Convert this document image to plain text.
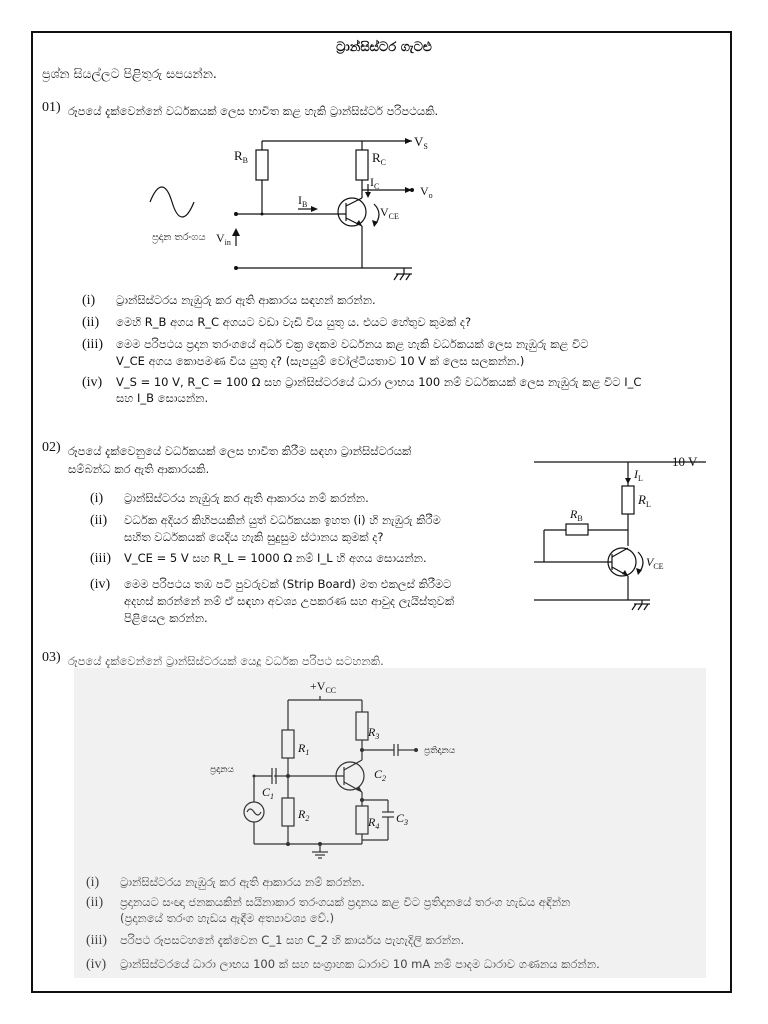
ට්‍රාන්සිස්ටර ගැටළු
ප්‍රශ්න සියල්ලට පිළිතුරු සපයන්න.
01) රූපයේ දැක්වෙන්නේ වර්ධකයක් ලෙස භාවිත කළ හැකි ට්‍රාන්සිස්ටර් පරිපථයකි.
$V_S$
$R_B$	$R_C$
$I_C$	$V_o$
$I_B$
$V_{CE}$
ප්‍රදාන තරංගය $V_{in}$
(i) ට්‍රාන්සිස්ටරය නැඹුරු කර ඇති ආකාරය සඳහන් කරන්න.
(ii) මෙහි R_B අගය R_C අගයට වඩා වැඩි විය යුතු ය. එයට හේතුව කුමක් ද?
(iii) මෙම පරිපථය ප්‍රදාන තරංගයේ අර්ධ චක්‍ර දෙකම වර්ධනය කළ හැකි වර්ධකයක් ලෙස නැඹුරු කළ විට
V_CE අගය කොපමණ විය යුතු ද? (සැපයුම් වෝල්ටීයතාව 10 V ක් ලෙස සලකන්න.)
(iv) V_S = 10 V, R_C = 100 Ω සහ ට්‍රාන්සිස්ටරයේ ධාරා ලාභය 100 නම් වර්ධකයක් ලෙස නැඹුරු කළ විට I_C
සහ I_B සොයන්න.
02) රූපයේ දැක්වෙනුයේ වර්ධකයක් ලෙස භාවිත කිරීම සඳහා ට්‍රාන්සිස්ටරයක්
සම්බන්ධ කර ඇති ආකාරයකි.	10 V
$I_L$
$R_L$
$R_B$
$V_{CE}$
(i) ට්‍රාන්සිස්ටරය නැඹුරු කර ඇති ආකාරය නම් කරන්න.
(ii) වර්ධක අදියර කිහිපයකින් යුත් වර්ධකයක ඉහත (i) හි නැඹුරු කිරීම
සහිත වර්ධකයක් යෙදිය හැකි සුදුසුම ස්ථානය කුමක් ද?
(iii) V_CE = 5 V සහ R_L = 1000 Ω නම් I_L හි අගය සොයන්න.
(iv) මෙම පරිපථය තඹ පටි පුවරුවක් (Strip Board) මත එකලස් කිරීමට
අදහස් කරන්නේ නම් ඒ සඳහා අවශ්‍ය උපකරණ සහ ආවුද ලැයිස්තුවක්
පිළියෙල කරන්න.
03) රූපයේ දැක්වෙන්නේ ට්‍රාන්සිස්ටරයක් යෙදූ වර්ධක පරිපථ සටහනකි.
$+V_{CC}$
$R_1$
$R_2$
$R_3$
$R_4$
$C_1$
$C_2$
$C_3$
ප්‍රදානය
ප්‍රතිදානය
(i) ට්‍රාන්සිස්ටරය නැඹුරු කර ඇති ආකාරය නම් කරන්න.
(ii) ප්‍රදානයට සංඥා ජනකයකින් සයිනාකාර තරංගයක් ප්‍රදානය කළ විට ප්‍රතිදානයේ තරංග හැඩය අඳින්න
(ප්‍රදානයේ තරංග හැඩය ඇඳීම අත්‍යාවශ්‍ය වේ.)
(iii) පරිපථ රූපසටහනේ දැක්වෙන C_1 සහ C_2 හි කාර්යය පැහැදිලි කරන්න.
(iv) ට්‍රාන්සිස්ටරයේ ධාරා ලාභය 100 ක් සහ සංග්‍රාහක ධාරාව 10 mA නම් පාදම ධාරාව ගණනය කරන්න.
